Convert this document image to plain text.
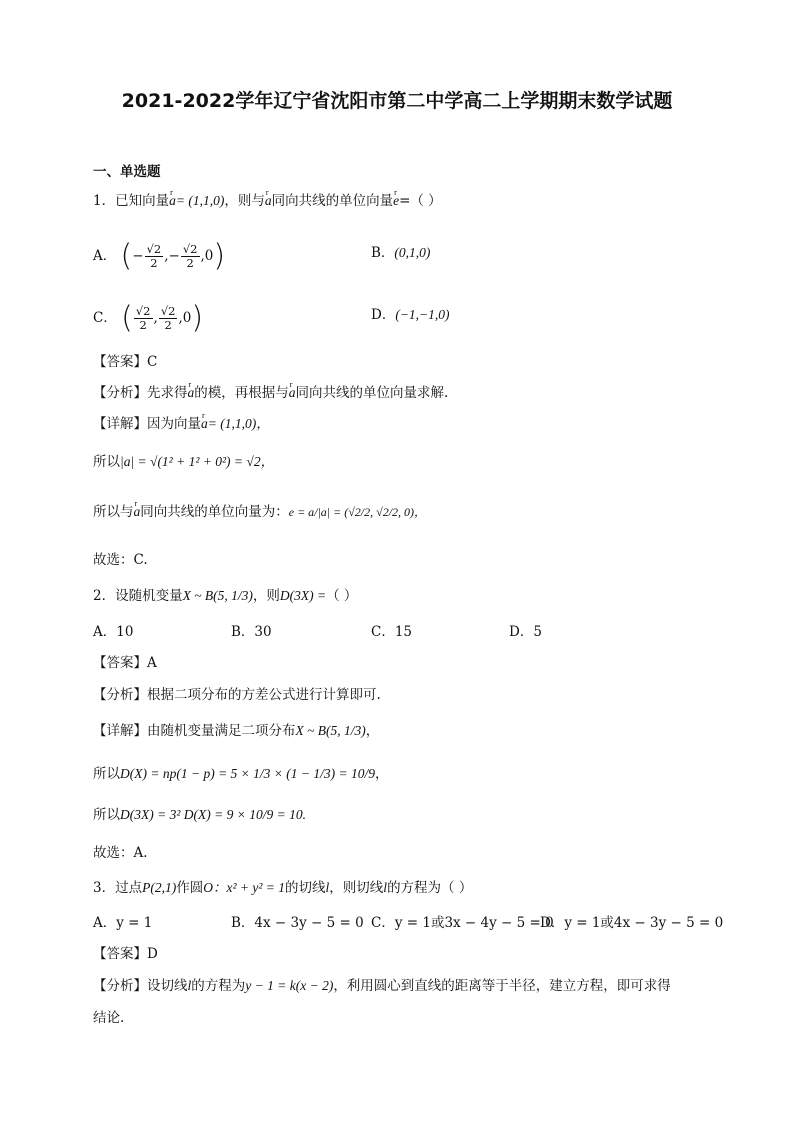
2021-2022学年辽宁省沈阳市第二中学高二上学期期末数学试题
一、单选题
1．已知向量r a= (1,1,0)，则与r a同向共线的单位向量r e=（ ）
A． (− $\frac{√2}{2}$ ,− $\frac{√2}{2} ,0$)	B．(0,1,0)
C． ( $\frac{√2}{2}$ , $\frac{√2}{2} ,0$)	D．(−1,−1,0)
【答案】C
【分析】先求得r a的模，再根据与r a同向共线的单位向量求解.
【详解】因为向量r a= (1,1,0)，
所以|a| = √(1² + 1² + 0²) = √2，
所以与r a同向共线的单位向量为：e = a/|a| = (√2/2, √2/2, 0)，
故选：C.
2．设随机变量X ~ B(5, 1/3)，则D(3X) =（ ）
A．10	B．30	C．15	D．5
【答案】A
【分析】根据二项分布的方差公式进行计算即可.
【详解】由随机变量满足二项分布X ~ B(5, 1/3)，
所以D(X) = np(1 − p) = 5 × 1/3 × (1 − 1/3) = 10/9，
所以D(3X) = 3² D(X) = 9 × 10/9 = 10.
故选：A.
3．过点P(2,1)作圆O：x² + y² = 1的切线l，则切线l的方程为（ ）
A．y = 1	B．4x − 3y − 5 = 0 C．y = 1或3x − 4y − 5 = 0
D．y = 1或4x − 3y − 5 = 0
【答案】D
【分析】设切线l的方程为y − 1 = k(x − 2)，利用圆心到直线的距离等于半径，建立方程，即可求得
结论.
